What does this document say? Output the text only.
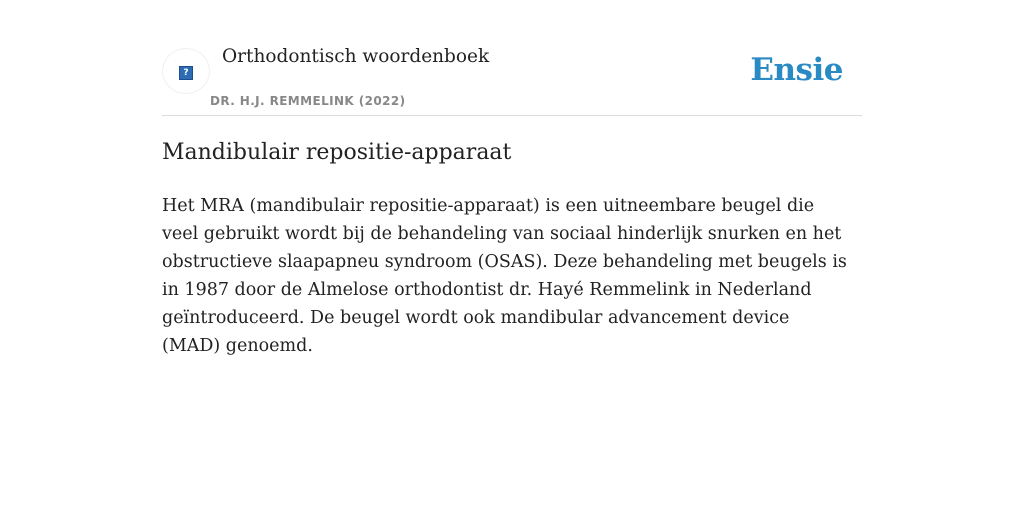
?
Orthodontisch woordenboek
DR. H.J. REMMELINK (2022)
Ensie
Mandibulair repositie-apparaat

Het MRA (mandibulair repositie-apparaat) is een uitneembare beugel die veel gebruikt wordt bij de behandeling van sociaal hinderlijk snurken en het obstructieve slaapapneu syndroom (OSAS). Deze behandeling met beugels is in 1987 door de Almelose orthodontist dr. Hayé Remmelink in Nederland geïntroduceerd. De beugel wordt ook mandibular advancement device (MAD) genoemd.
